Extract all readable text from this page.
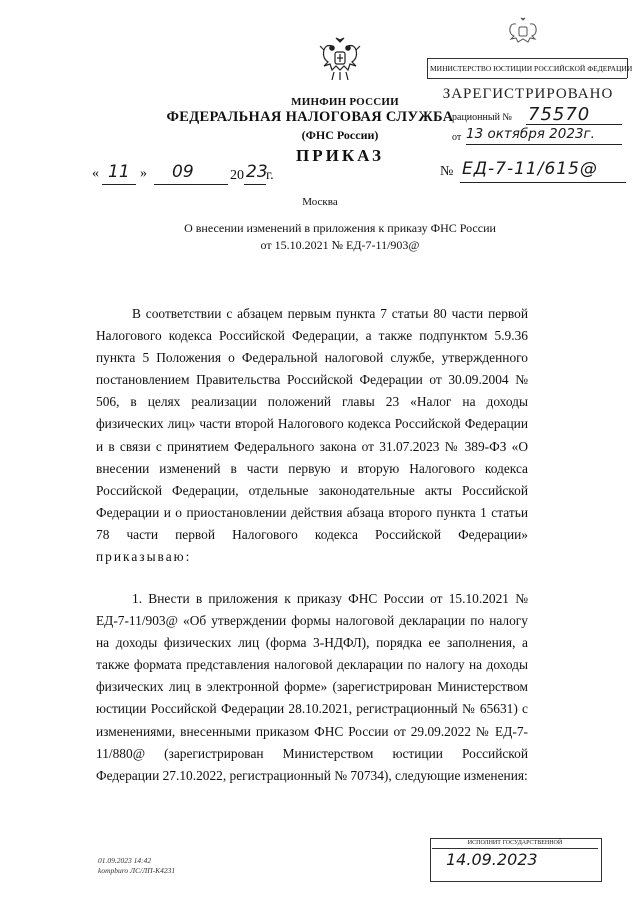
МИНФИН РОССИИ
ФЕДЕРАЛЬНАЯ НАЛОГОВАЯ СЛУЖБА
(ФНС России)
ПРИКАЗ
« 11 » 09	20 23
г.	№ ЕД-7-11/615@
Москва
О внесении изменений в приложения к приказу ФНС России
от 15.10.2021 № ЕД-7-11/903@
МИНИСТЕРСТВО ЮСТИЦИИ РОССИЙСКОЙ ФЕДЕРАЦИИ
ЗАРЕГИСТРИРОВАНО
рационный № 75570
от 13 октября 2023г.

В соответствии с абзацем первым пункта 7 статьи 80 части первой Налогового кодекса Российской Федерации, а также подпунктом 5.9.36 пункта 5 Положения о Федеральной налоговой службе, утвержденного постановлением Правительства Российской Федерации от 30.09.2004 № 506, в целях реализации положений главы 23 «Налог на доходы физических лиц» части второй Налогового кодекса Российской Федерации и в связи с принятием Федерального закона от 31.07.2023 № 389-ФЗ «О внесении изменений в части первую и вторую Налогового кодекса Российской Федерации, отдельные законодательные акты Российской Федерации и о приостановлении действия абзаца второго пункта 1 статьи 78 части первой Налогового кодекса Российской Федерации» приказываю:

1. Внести в приложения к приказу ФНС России от 15.10.2021 № ЕД-7-11/903@ «Об утверждении формы налоговой декларации по налогу на доходы физических лиц (форма 3-НДФЛ), порядка ее заполнения, а также формата представления налоговой декларации по налогу на доходы физических лиц в электронной форме» (зарегистрирован Министерством юстиции Российской Федерации 28.10.2021, регистрационный № 65631) с изменениями, внесенными приказом ФНС России от 29.09.2022 № ЕД-7-11/880@ (зарегистрирован Министерством юстиции Российской Федерации 27.10.2022, регистрационный № 70734), следующие изменения:

01.09.2023 14:42
kompburo ЛС/ЛП-К4231
ИСПОЛНИТ ГОСУДАРСТВЕННОЙ
14.09.2023
